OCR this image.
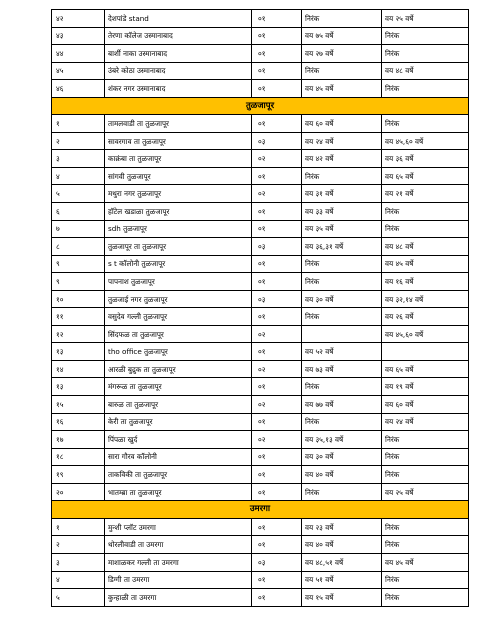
४२	देशपांडे stand	०१	निरंक	वय २५ वर्षे
४३	तेरणा कॉलेज उस्मानाबाद	०१	वय ७५ वर्षे	निरंक
४४	बार्शी नाका उस्मानाबाद	०१	वय २७ वर्षे	निरंक
४५	उंबरे कोठा उस्मानाबाद	०१	निरंक	वय ४८ वर्षे
४६	शंकर नगर उस्मानाबाद	०१	वय ४५ वर्षे	निरंक
तुळजापूर				
१	तामलवाडी ता तुळजापूर	०१	वय ६० वर्षे	निरंक
२	सावरगाव ता तुळजापूर	०३	वय २४ वर्षे	वय ४५,६० वर्षे
३	काक्रंबा ता तुळजापूर	०२	वय ४२ वर्षे	वय ३६ वर्षे
४	सांगवी तुळजापूर	०१	निरंक	वय ६५ वर्षे
५	मथुरा नगर तुळजापूर	०२	वय ३१ वर्षे	वय २१ वर्षे
६	हॉटेल खडाळा तुळजापूर	०१	वय ३३ वर्षे	निरंक
७	sdh तुळजापूर	०१	वय ३५ वर्षे	निरंक
८	तुळजापूर ता तुळजापूर	०३	वय ३६,३१ वर्षे	वय ४८ वर्षे
९	s t कॉलोनी तुळजापूर	०१	निरंक	वय ४५ वर्षे
९	पापनाश तुळजापूर	०१	निरंक	वय १६ वर्षे
१०	तुळजाई नगर तुळजापूर	०३	वय ३० वर्षे	वय ३२,१४ वर्षे
११	वसुदेव गल्ली तुळजापूर	०१	निरंक	वय २६ वर्षे
१२	सिंदफळ ता तुळजापूर	०२		वय ४५,६० वर्षे
१३	tho office तुळजापूर	०१	वय ५२ वर्षे	
१४	आरळी बुद्रुक ता तुळजापूर	०२	वय ७३ वर्षे	वय ६५ वर्षे
१३	मंगरूळ ता तुळजापूर	०१	निरंक	वय १९ वर्षे
१५	बारुळ ता तुळजापूर	०२	वय ७७ वर्षे	वय ६० वर्षे
१६	केरी ता तुळजापूर	०१	निरंक	वय २४ वर्षे
१७	पिंपळा खुर्द	०२	वय ३५,१३ वर्षे	निरंक
१८	सारा गौरव कॉलोनी	०१	वय ३० वर्षे	निरंक
१९	ताकविकी ता तुळजापूर	०१	वय ४० वर्षे	निरंक
२०	भातम्ब्रा ता तुळजापूर	०१	निरंक	वय २५ वर्षे
उमरगा				
१	मुन्शी प्लॉट उमरगा	०१	वय २३ वर्षे	निरंक
२	थोरलीवाडी ता उमरगा	०१	वय ४० वर्षे	निरंक
३	माशाळकर गल्ली ता उमरगा	०३	वय ४८,५१ वर्षे	वय ४५ वर्षे
४	डिग्गी ता उमरगा	०१	वय ५१ वर्षे	निरंक
५	कुन्हाळी ता उमरगा	०१	वय १५ वर्षे	निरंक
